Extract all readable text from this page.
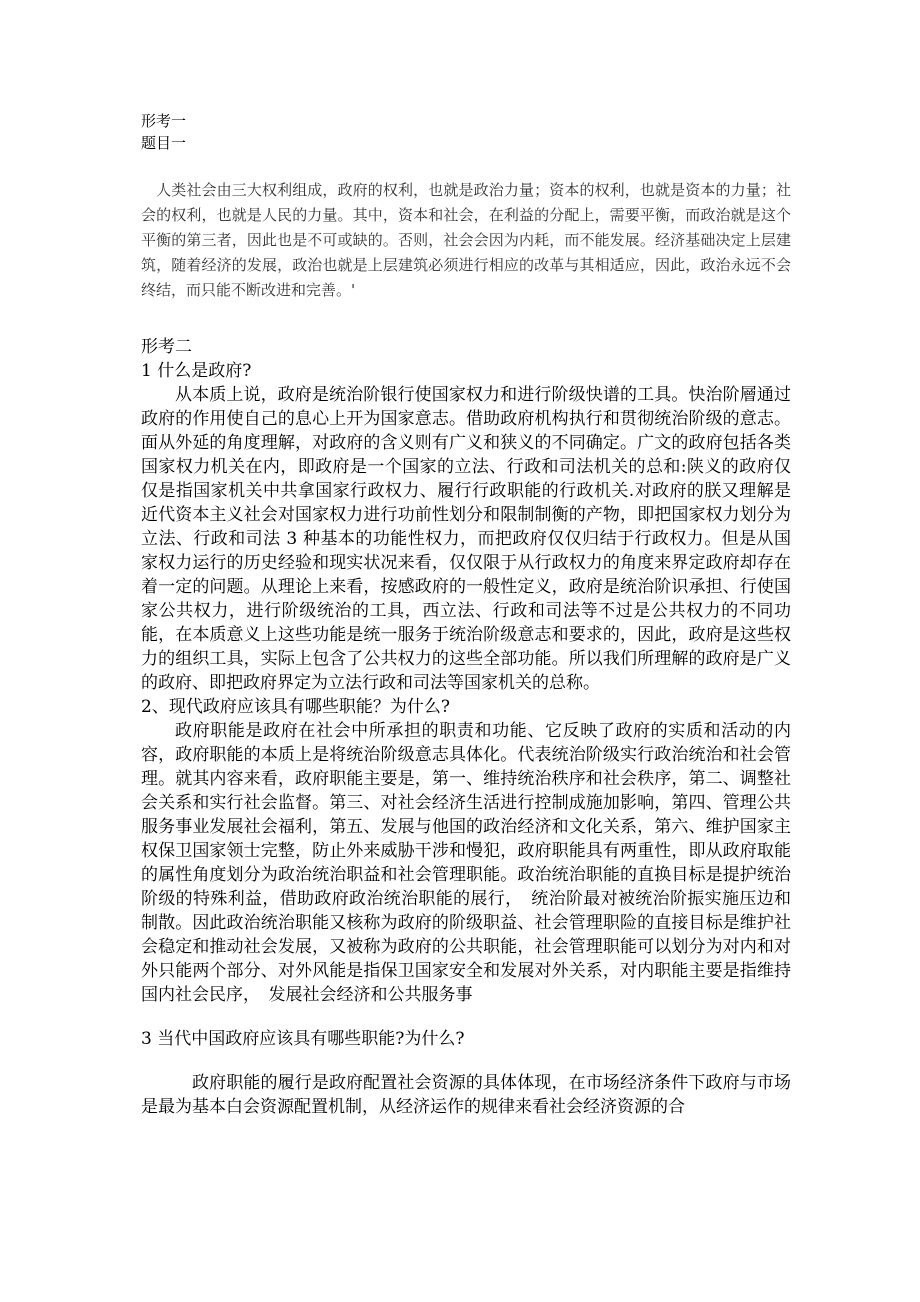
形考一

题目一

　人类社会由三大权利组成，政府的权利，也就是政治力量；资本的权利，也就是资本的力量；社会的权利，也就是人民的力量。其中，资本和社会，在利益的分配上，需要平衡，而政治就是这个平衡的第三者，因此也是不可或缺的。否则，社会会因为内耗，而不能发展。经济基础决定上层建筑，随着经济的发展，政治也就是上层建筑必须进行相应的改革与其相适应，因此，政治永远不会终结，而只能不断改进和完善。'

形考二

1 什么是政府?

从本质上说，政府是统治阶银行使国家权力和进行阶级快谱的工具。快治阶層通过政府的作用使自己的息心上开为国家意志。借助政府机构执行和贯彻统治阶级的意志。面从外延的角度理解，对政府的含义则有广义和狭义的不同确定。广文的政府包括各类国家权力机关在内，即政府是一个国家的立法、行政和司法机关的总和:陕义的政府仅仅是指国家机关中共拿国家行政权力、履行行政职能的行政机关.对政府的朕又理解是近代资本主义社会对国家权力进行功前性划分和限制制衡的产物，即把国家权力划分为立法、行政和司法 3 种基本的功能性权力，而把政府仅仅归结于行政权力。但是从国家权力运行的历史经验和现实状况来看，仅仅限于从行政权力的角度来界定政府却存在着一定的问题。从理论上来看，按感政府的一般性定义，政府是统治阶识承担、行使国家公共权力，进行阶级统治的工具，西立法、行政和司法等不过是公共权力的不同功能，在本质意义上这些功能是统一服务于统治阶级意志和要求的，因此，政府是这些权力的组织工具，实际上包含了公共权力的这些全部功能。所以我们所理解的政府是广义的政府、即把政府界定为立法行政和司法等国家机关的总称。

2、现代政府应该具有哪些职能？为什么?

政府职能是政府在社会中所承担的职责和功能、它反映了政府的实质和活动的内容，政府职能的本质上是将统治阶级意志具体化。代表统治阶级实行政治统治和社会管理。就其内容来看，政府职能主要是，第一、维持统治秩序和社会秩序，第二、调整社会关系和实行社会监督。第三、对社会经济生活进行控制成施加影响，第四、管理公共服务事业发展社会福利，第五、发展与他国的政治经济和文化关系，第六、维护国家主权保卫国家领士完整，防止外来威胁干涉和慢犯，政府职能具有两重性，即从政府取能的属性角度划分为政治统治职益和社会管理职能。政治统治职能的直换目标是提护统治阶级的特殊利益，借助政府政治统治职能的展行，　统治阶最对被统治阶振实施压边和制散。因此政治统治职能又核称为政府的阶级职益、社会管理职险的直接目标是维护社会稳定和推动社会发展，又被称为政府的公共职能，社会管理职能可以划分为对内和对外只能两个部分、对外风能是指保卫国家安全和发展对外关系，对内职能主要是指维持国内社会民序，　发展社会经济和公共服务事

3 当代中国政府应该具有哪些职能?为什么?

政府职能的履行是政府配置社会资源的具体体现，在市场经济条件下政府与市场是最为基本白会资源配置机制，从经济运作的规律来看社会经济资源的合
